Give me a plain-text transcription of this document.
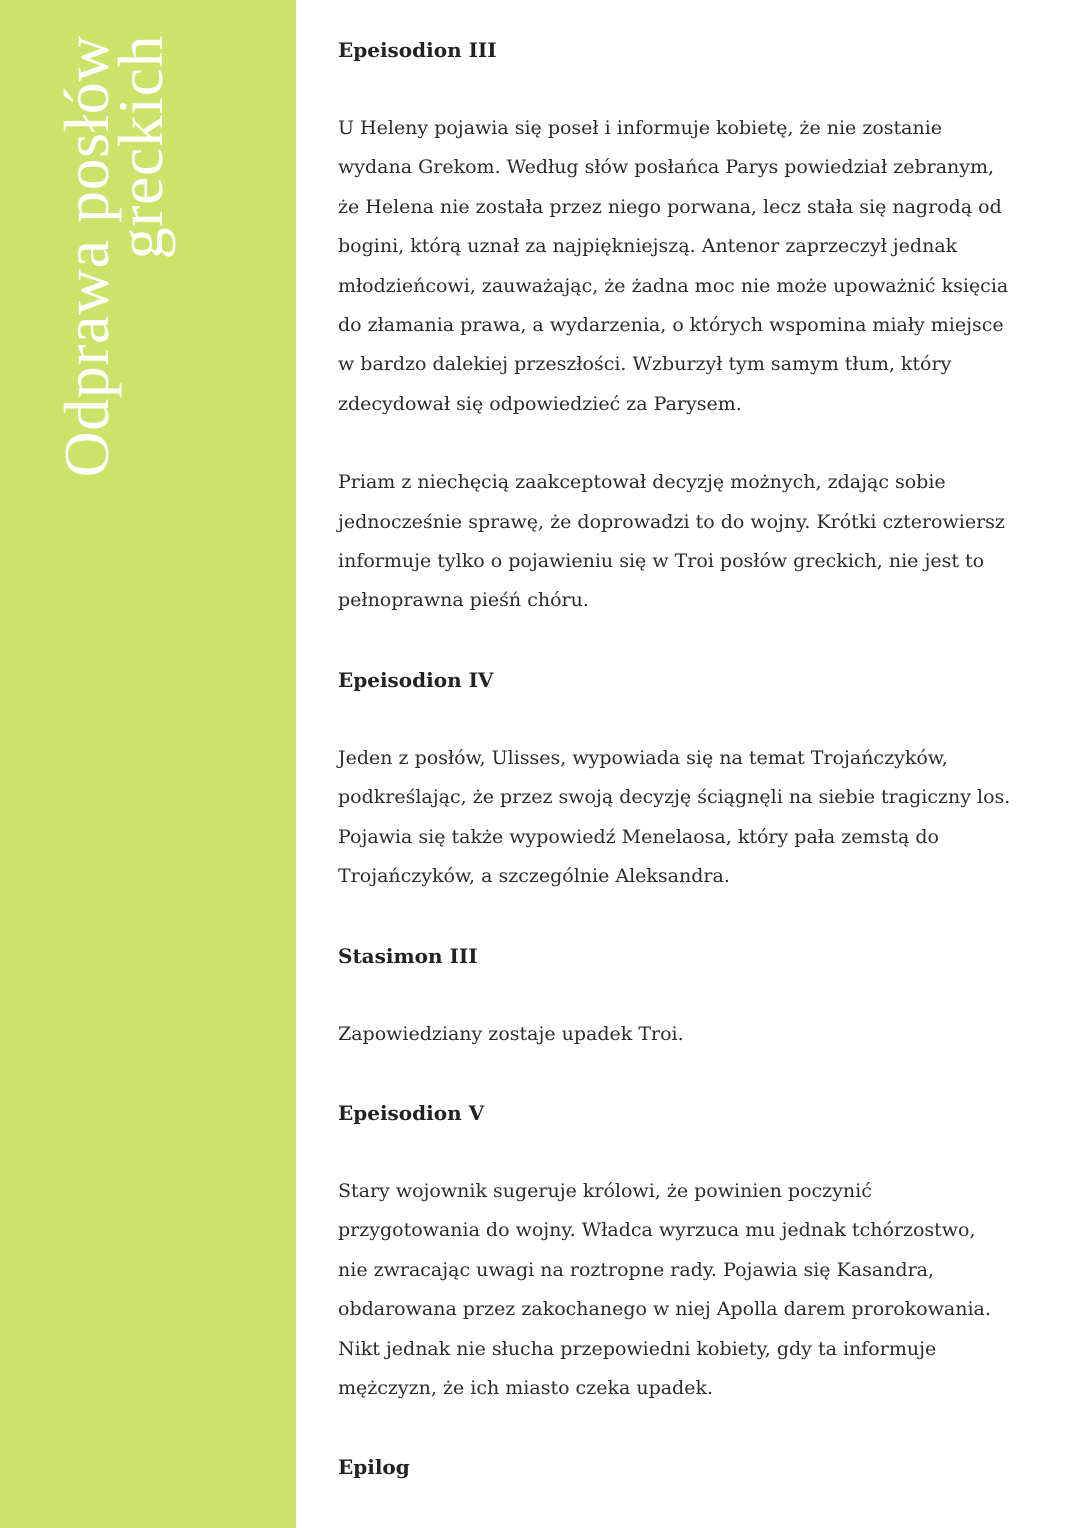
Odprawa posłów
greckich	Epeisodion III

U Heleny pojawia się poseł i informuje kobietę, że nie zostanie
wydana Grekom. Według słów posłańca Parys powiedział zebranym,
że Helena nie została przez niego porwana, lecz stała się nagrodą od
bogini, którą uznał za najpiękniejszą. Antenor zaprzeczył jednak
młodzieńcowi, zauważając, że żadna moc nie może upoważnić księcia
do złamania prawa, a wydarzenia, o których wspomina miały miejsce
w bardzo dalekiej przeszłości. Wzburzył tym samym tłum, który
zdecydował się odpowiedzieć za Parysem.

Priam z niechęcią zaakceptował decyzję możnych, zdając sobie
jednocześnie sprawę, że doprowadzi to do wojny. Krótki czterowiersz
informuje tylko o pojawieniu się w Troi posłów greckich, nie jest to
pełnoprawna pieśń chóru.

Epeisodion IV

Jeden z posłów, Ulisses, wypowiada się na temat Trojańczyków,
podkreślając, że przez swoją decyzję ściągnęli na siebie tragiczny los.
Pojawia się także wypowiedź Menelaosa, który pała zemstą do
Trojańczyków, a szczególnie Aleksandra.

Stasimon III

Zapowiedziany zostaje upadek Troi.

Epeisodion V

Stary wojownik sugeruje królowi, że powinien poczynić
przygotowania do wojny. Władca wyrzuca mu jednak tchórzostwo,
nie zwracając uwagi na roztropne rady. Pojawia się Kasandra,
obdarowana przez zakochanego w niej Apolla darem prorokowania.
Nikt jednak nie słucha przepowiedni kobiety, gdy ta informuje
mężczyzn, że ich miasto czeka upadek.

Epilog
